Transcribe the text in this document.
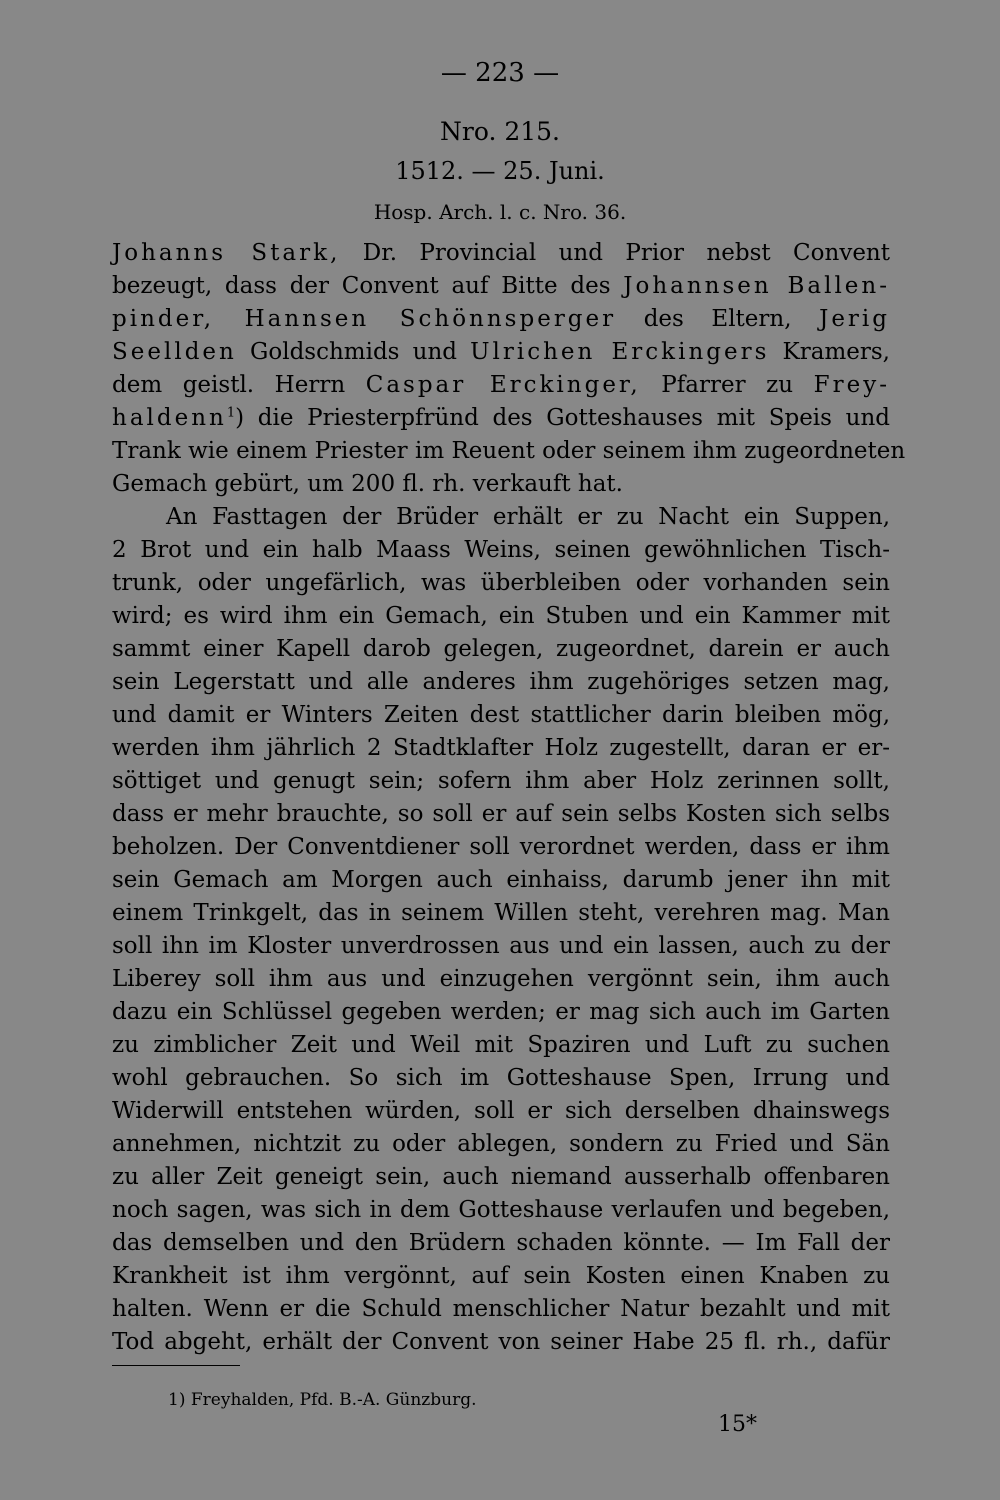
— 223 —
Nro. 215.
1512. — 25. Juni.
Hosp. Arch. l. c. Nro. 36.
Johanns Stark, Dr. Provincial und Prior nebst Convent
bezeugt, dass der Convent auf Bitte des Johannsen Ballen-
pinder, Hannsen Schönnsperger des Eltern, Jerig
Seellden Goldschmids und Ulrichen Erckingers Kramers,
dem geistl. Herrn Caspar Erckinger, Pfarrer zu Frey-
haldenn$^1$) die Priesterpfründ des Gotteshauses mit Speis und
Trank wie einem Priester im Reuent oder seinem ihm zugeordneten
Gemach gebürt, um 200 fl. rh. verkauft hat.
An Fasttagen der Brüder erhält er zu Nacht ein Suppen,
2 Brot und ein halb Maass Weins, seinen gewöhnlichen Tisch-
trunk, oder ungefärlich, was überbleiben oder vorhanden sein
wird; es wird ihm ein Gemach, ein Stuben und ein Kammer mit
sammt einer Kapell darob gelegen, zugeordnet, darein er auch
sein Legerstatt und alle anderes ihm zugehöriges setzen mag,
und damit er Winters Zeiten dest stattlicher darin bleiben mög,
werden ihm jährlich 2 Stadtklafter Holz zugestellt, daran er er-
söttiget und genugt sein; sofern ihm aber Holz zerinnen sollt,
dass er mehr brauchte, so soll er auf sein selbs Kosten sich selbs
beholzen. Der Conventdiener soll verordnet werden, dass er ihm
sein Gemach am Morgen auch einhaiss, darumb jener ihn mit
einem Trinkgelt, das in seinem Willen steht, verehren mag. Man
soll ihn im Kloster unverdrossen aus und ein lassen, auch zu der
Liberey soll ihm aus und einzugehen vergönnt sein, ihm auch
dazu ein Schlüssel gegeben werden; er mag sich auch im Garten
zu zimblicher Zeit und Weil mit Spaziren und Luft zu suchen
wohl gebrauchen. So sich im Gotteshause Spen, Irrung und
Widerwill entstehen würden, soll er sich derselben dhainswegs
annehmen, nichtzit zu oder ablegen, sondern zu Fried und Sän
zu aller Zeit geneigt sein, auch niemand ausserhalb offenbaren
noch sagen, was sich in dem Gotteshause verlaufen und begeben,
das demselben und den Brüdern schaden könnte. — Im Fall der
Krankheit ist ihm vergönnt, auf sein Kosten einen Knaben zu
halten. Wenn er die Schuld menschlicher Natur bezahlt und mit
Tod abgeht, erhält der Convent von seiner Habe 25 fl. rh., dafür
1) Freyhalden, Pfd. B.-A. Günzburg.
15*
